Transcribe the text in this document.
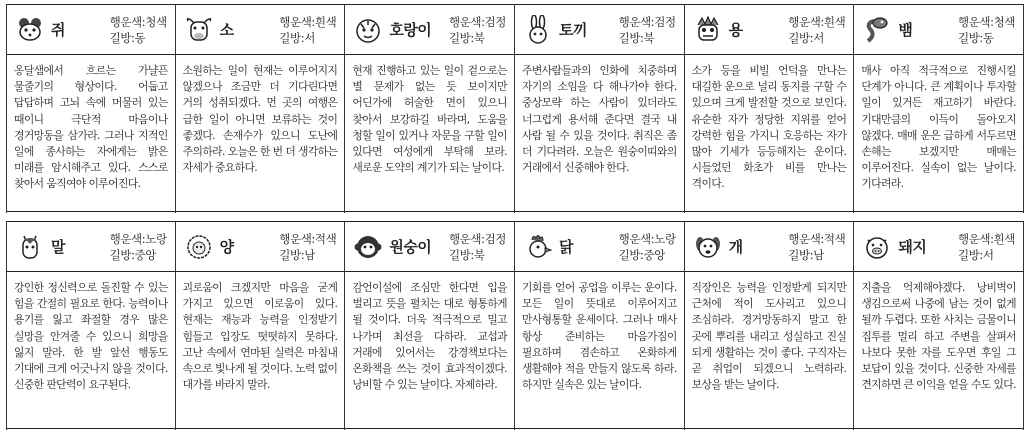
쥐	행운색:청색
길방:동
옹달샘에서 흐르는 가냘픈 물줄기의 형상이다. 어둡고 답답하며 고뇌 속에 머물러 있는 때이니 극단적 마음이나 경거망동을 삼가라. 그러나 지적인 일에 종사하는 자에게는 밝은 미래를 암시해주고 있다. 스스로 찾아서 움직여야 이루어진다.
소	행운색:흰색
길방:서
소원하는 일이 현재는 이루어지지 않겠으나 조금만 더 기다린다면 거의 성취되겠다. 먼 곳의 여행은 급한 일이 아니면 보류하는 것이 좋겠다. 손재수가 있으니 도난에 주의하라. 오늘은 한 번 더 생각하는 자세가 중요하다.
호랑이 행운색:검정
길방:북
현재 진행하고 있는 일이 겉으로는 별 문제가 없는 듯 보이지만 어딘가에 허술한 면이 있으니 찾아서 보강하길 바라며, 도움을 청할 일이 있거나 자문을 구할 일이 있다면 여성에게 부탁해 보라. 새로운 도약의 계기가 되는 날이다.
토끼	행운색:검정
길방:북
주변사람들과의 인화에 치중하며 자기의 소임을 다 해나가야 한다. 중상모략 하는 사람이 있더라도 너그럽게 용서해 준다면 결국 내 사람 될 수 있을 것이다. 취직은 좀 더 기다려라. 오늘은 원숭이띠와의 거래에서 신중해야 한다.
용	행운색:흰색
길방:서
소가 등을 비빌 언덕을 만나는 대길한 운으로 널리 동지를 구할 수 있으며 크게 발전할 것으로 보인다. 유순한 자가 정당한 지위를 얻어 강력한 힘을 가지니 호응하는 자가 많아 기세가 등등해지는 운이다. 시들었던 화초가 비를 만나는 격이다.
뱀	행운색:청색
길방:동
매사 아직 적극적으로 진행시킬 단계가 아니다. 큰 계획이나 투자할 일이 있거든 재고하기 바란다. 기대만큼의 이득이 돌아오지 않겠다. 매매 운은 급하게 서두르면 손해는 보겠지만 매매는 이루어진다. 실속이 없는 날이다. 기다려라.
말	행운색:노랑
길방:중앙
강인한 정신력으로 돌진할 수 있는 힘을 간절히 필요로 한다. 능력이나 용기를 잃고 좌절할 경우 많은 실망을 안겨줄 수 있으니 희망을 잃지 말라. 한 발 앞선 행동도 기대에 크게 어긋나지 않을 것이다. 신중한 판단력이 요구된다.
양	행운색:적색
길방:남
괴로움이 크겠지만 마음을 굳게 가지고 있으면 이로움이 있다. 현재는 재능과 능력을 인정받기 힘들고 입장도 떳떳하지 못하다. 고난 속에서 연마된 실력은 마침내 속으로 빛나게 될 것이다. 노력 없이 대가를 바라지 말라.
원숭이 행운색:검정
길방:북
감언이설에 조심만 한다면 입을 벌리고 뜻을 펼치는 대로 형통하게 될 것이다. 더욱 적극적으로 밀고 나가며 최선을 다하라. 교섭과 거래에 있어서는 강경책보다는 온화책을 쓰는 것이 효과적이겠다. 낭비할 수 있는 날이다. 자제하라.
닭	행운색:노랑
길방:중앙
기회를 얻어 공업을 이루는 운이다. 모든 일이 뜻대로 이루어지고 만사형통할 운세이다. 그러나 매사 항상 준비하는 마음가짐이 필요하며 겸손하고 온화하게 생활해야 적을 만들지 않도록 하라. 하지만 실속은 있는 날이다.
개	행운색:적색
길방:남
직장인은 능력을 인정받게 되지만 근처에 적이 도사리고 있으니 조심하라. 경거망동하지 말고 한 곳에 뿌리를 내리고 성실하고 진실 되게 생활하는 것이 좋다. 구직자는 곧 취업이 되겠으니 노력하라. 보상을 받는 날이다.
돼지	행운색:흰색
길방:서
지출을 억제해야겠다. 낭비벽이 생김으로써 나중에 남는 것이 없게 될까 두렵다. 또한 사치는 금물이니 집투를 멀리 하고 주변을 살펴서 나보다 못한 자를 도우면 후일 그 보답이 있을 것이다. 신중한 자세를 견지하면 큰 이익을 얻을 수도 있다.
